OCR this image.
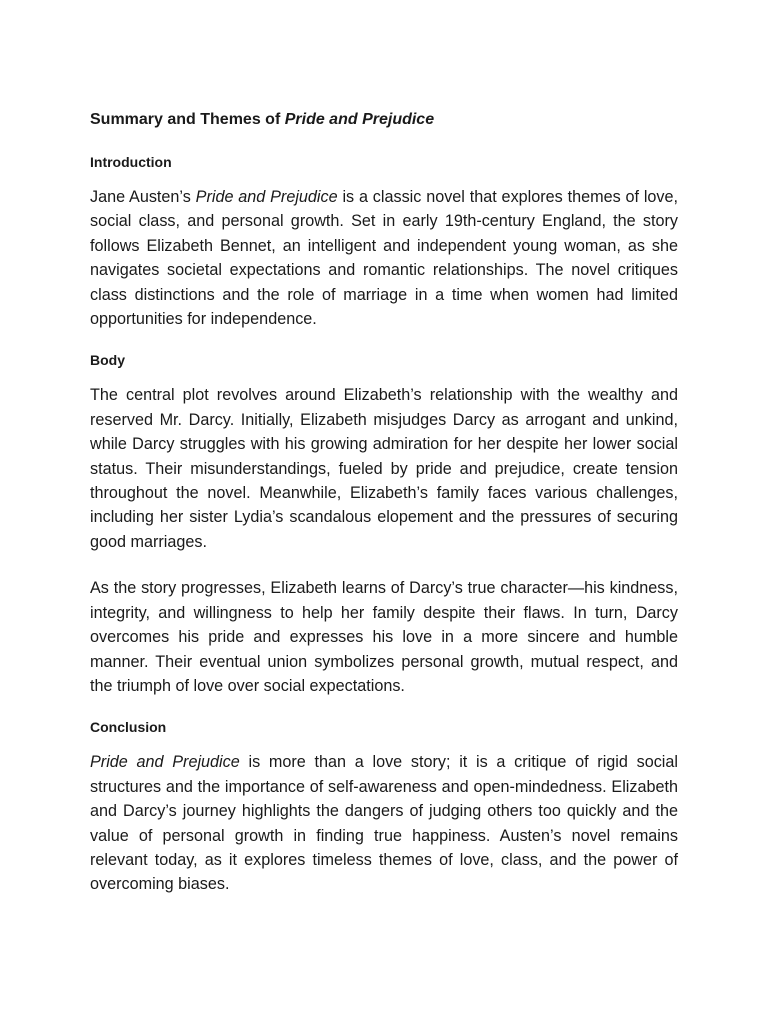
Summary and Themes of Pride and Prejudice
Introduction

Jane Austen’s Pride and Prejudice is a classic novel that explores themes of love, social class, and personal growth. Set in early 19th-century England, the story follows Elizabeth Bennet, an intelligent and independent young woman, as she navigates societal expectations and romantic relationships. The novel critiques class distinctions and the role of marriage in a time when women had limited opportunities for independence.

Body

The central plot revolves around Elizabeth’s relationship with the wealthy and reserved Mr. Darcy. Initially, Elizabeth misjudges Darcy as arrogant and unkind, while Darcy struggles with his growing admiration for her despite her lower social status. Their misunderstandings, fueled by pride and prejudice, create tension throughout the novel. Meanwhile, Elizabeth’s family faces various challenges, including her sister Lydia’s scandalous elopement and the pressures of securing good marriages.

As the story progresses, Elizabeth learns of Darcy’s true character—his kindness, integrity, and willingness to help her family despite their flaws. In turn, Darcy overcomes his pride and expresses his love in a more sincere and humble manner. Their eventual union symbolizes personal growth, mutual respect, and the triumph of love over social expectations.

Conclusion

Pride and Prejudice is more than a love story; it is a critique of rigid social structures and the importance of self-awareness and open-mindedness. Elizabeth and Darcy’s journey highlights the dangers of judging others too quickly and the value of personal growth in finding true happiness. Austen’s novel remains relevant today, as it explores timeless themes of love, class, and the power of overcoming biases.
